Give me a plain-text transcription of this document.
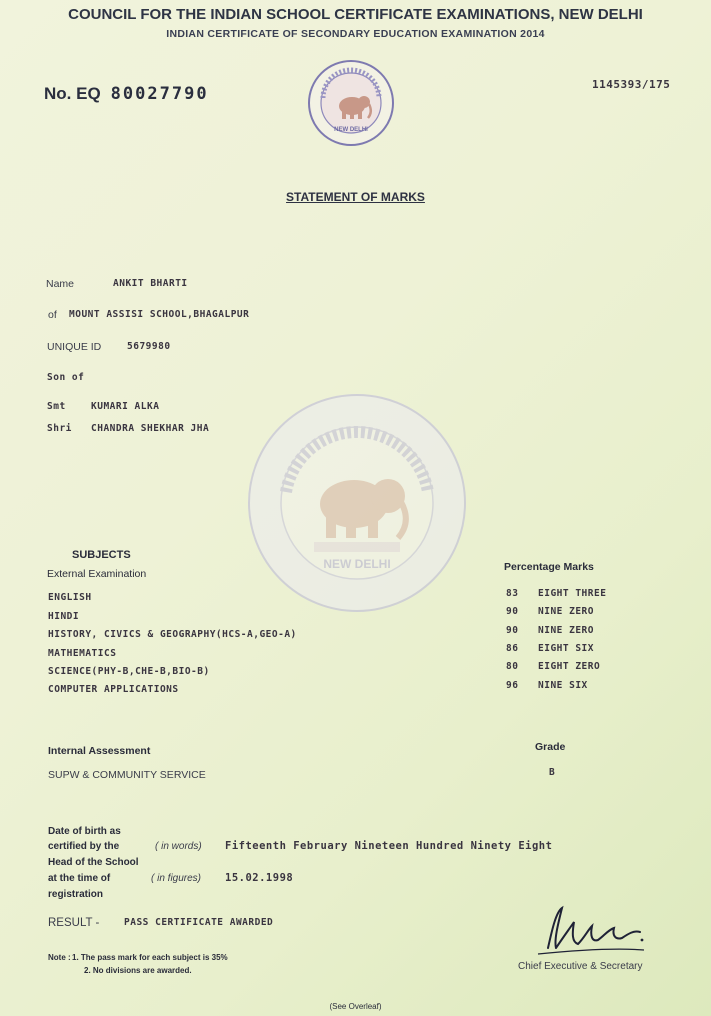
COUNCIL FOR THE INDIAN SCHOOL CERTIFICATE EXAMINATIONS, NEW DELHI
INDIAN CERTIFICATE OF SECONDARY EDUCATION EXAMINATION 2014
No. EQ 80027790	1145393/175
NEW DELHI
STATEMENT OF MARKS
NEW DELHI
Name	ANKIT BHARTI
of MOUNT ASSISI SCHOOL,BHAGALPUR
UNIQUE ID	5679980
Son of
Smt	KUMARI ALKA
Shri CHANDRA SHEKHAR JHA
SUBJECTS
External Examination
Percentage Marks
ENGLISH	83 EIGHT THREE
HINDI	90 NINE ZERO
HISTORY, CIVICS & GEOGRAPHY(HCS-A,GEO-A)	90 NINE ZERO
MATHEMATICS	86 EIGHT SIX
SCIENCE(PHY-B,CHE-B,BIO-B)	80 EIGHT ZERO
COMPUTER APPLICATIONS	96 NINE SIX
Internal Assessment	Grade
SUPW & COMMUNITY SERVICE	B
Date of birth as
certified by the
Head of the School
at the time of
registration
( in words) Fifteenth February Nineteen Hundred Ninety Eight
( in figures) 15.02.1998
RESULT -	PASS CERTIFICATE AWARDED
Note : 1. The pass mark for each subject is 35%
2. No divisions are awarded.	Chief Executive & Secretary
(See Overleaf)
